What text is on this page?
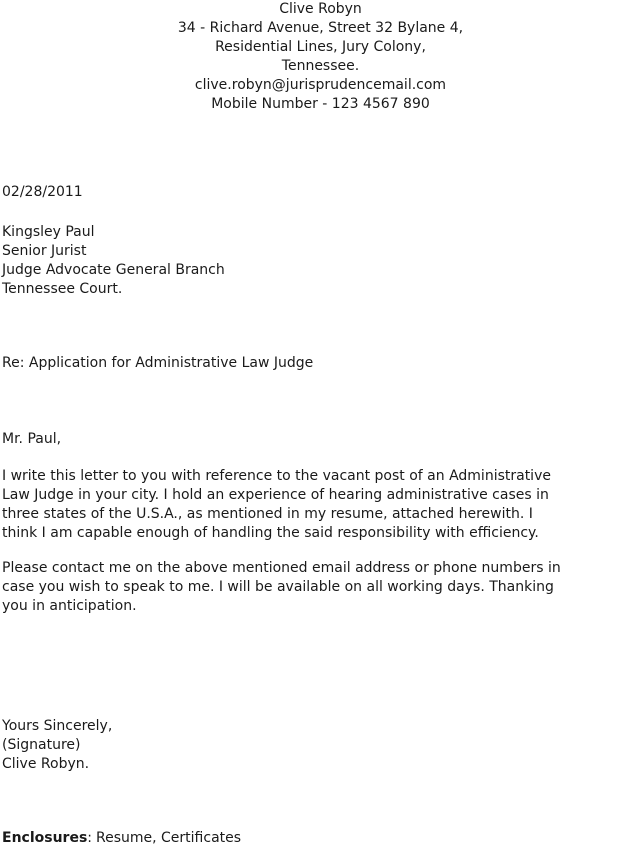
Clive Robyn
34 - Richard Avenue, Street 32 Bylane 4,
Residential Lines, Jury Colony,
Tennessee.
clive.robyn@jurisprudencemail.com
Mobile Number - 123 4567 890
02/28/2011
Kingsley Paul
Senior Jurist
Judge Advocate General Branch
Tennessee Court.
Re: Application for Administrative Law Judge
Mr. Paul,
I write this letter to you with reference to the vacant post of an Administrative
Law Judge in your city. I hold an experience of hearing administrative cases in
three states of the U.S.A., as mentioned in my resume, attached herewith. I
think I am capable enough of handling the said responsibility with efficiency.
Please contact me on the above mentioned email address or phone numbers in
case you wish to speak to me. I will be available on all working days. Thanking
you in anticipation.
Yours Sincerely,
(Signature)
Clive Robyn.
Enclosures: Resume, Certificates
